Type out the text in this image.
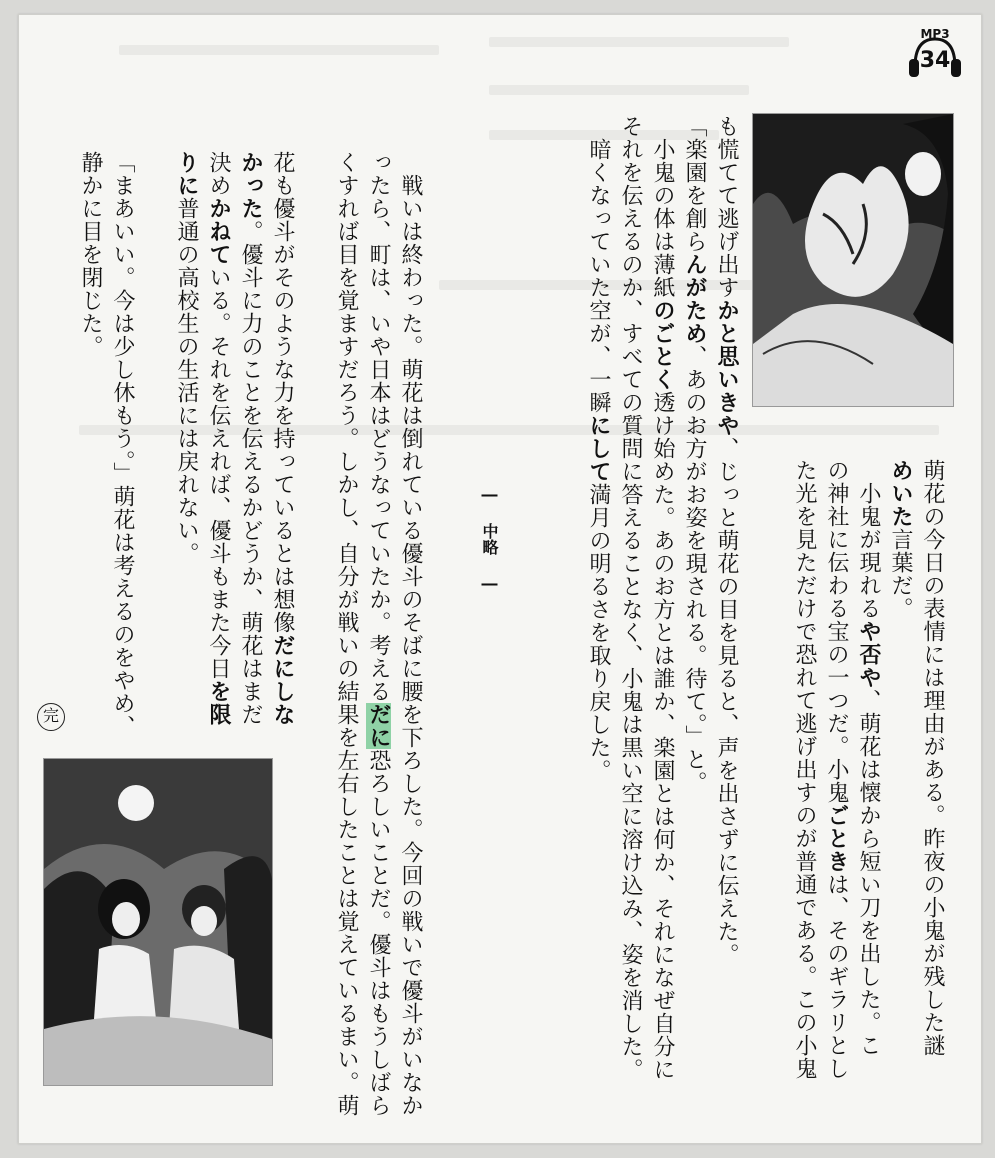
MP3
34
萌花の今日の表情には理由がある。昨夜の小鬼が残した謎
めいた言葉だ。
　小鬼が現れるや否や、萌花は懐から短い刀を出した。こ
の神社に伝わる宝の一つだ。小鬼ごときは、そのギラリとし
た光を見ただけで恐れて逃げ出すのが普通である。この小鬼
も慌てて逃げ出すかと思いきや、じっと萌花の目を見ると、声を出さずに伝えた。
「楽園を創らんがため、あのお方がお姿を現される。待て。」と。
　小鬼の体は薄紙のごとく透け始めた。あのお方とは誰か、楽園とは何か、それになぜ自分に
それを伝えるのか、すべての質問に答えることなく、小鬼は黒い空に溶け込み、姿を消した。
　暗くなっていた空が、一瞬にして満月の明るさを取り戻した。
― 中略 ―
　戦いは終わった。萌花は倒れている優斗のそばに腰を下ろした。今回の戦いで優斗がいなか
ったら、町は、いや日本はどうなっていたか。考えるだに恐ろしいことだ。優斗はもうしばら
くすれば目を覚ますだろう。しかし、自分が戦いの結果を左右したことは覚えているまい。萌
花も優斗がそのような力を持っているとは想像だにしな
かった。優斗に力のことを伝えるかどうか、萌花はまだ
決めかねている。それを伝えれば、優斗もまた今日を限
りに普通の高校生の生活には戻れない。
「まあいい。今は少し休もう。」萌花は考えるのをやめ、
静かに目を閉じた。
完
